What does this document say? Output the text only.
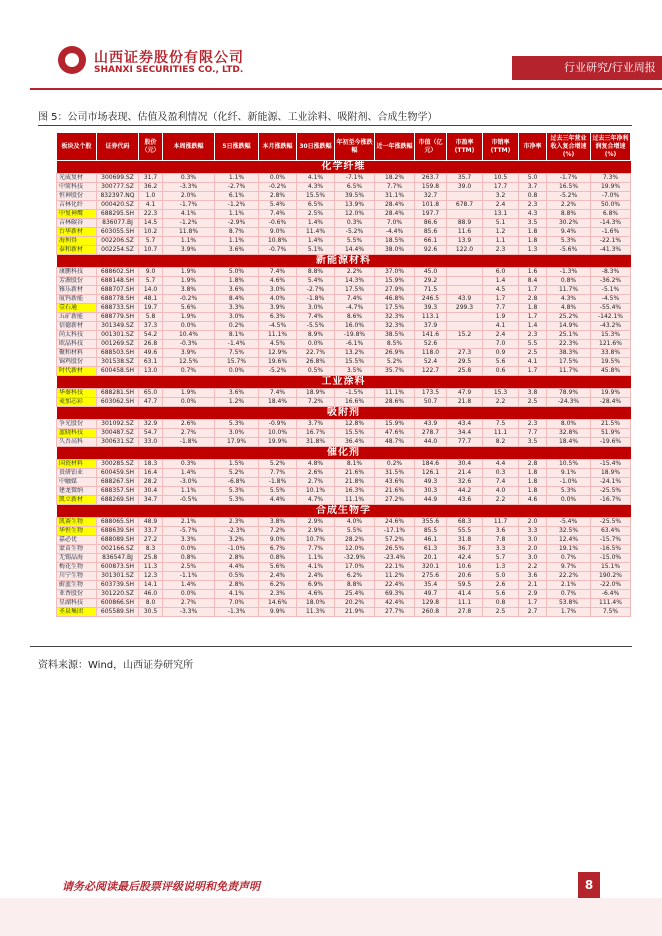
山西证券股份有限公司
SHANXI SECURITIES CO., LTD.	行业研究/行业周报
图 5：公司市场表现、估值及盈利情况（化纤、新能源、工业涂料、吸附剂、合成生物学）
板块及个股	证券代码	股价（元）	本周涨跌幅	5日涨跌幅	本月涨跌幅	30日涨跌幅	年初至今涨跌幅	近一年涨跌幅	市值（亿元）	市盈率(TTM)	市销率(TTM)	市净率	过去三年营业收入复合增速(%)	过去三年净利润复合增速(%)
化学纤维														
光威复材	300699.SZ	31.7	0.3%	1.1%	0.0%	4.1%	-7.1%	18.2%	263.7	35.7	10.5	5.0	-1.7%	7.3%
中简科技	300777.SZ	36.2	-3.3%	-2.7%	-0.2%	4.3%	6.5%	7.7%	159.8	39.0	17.7	3.7	16.5%	19.9%
恒神股份	832397.NQ	1.0	2.0%	6.1%	2.8%	15.5%	39.5%	31.1%	32.7		3.2	0.8	-5.2%	-7.0%
吉林化纤	000420.SZ	4.1	-1.7%	-1.2%	5.4%	6.5%	13.9%	28.4%	101.8	678.7	2.4	2.3	2.2%	50.0%
中复神鹰	688295.SH	22.3	4.1%	1.1%	7.4%	2.5%	12.0%	28.4%	197.7		13.1	4.3	8.8%	6.8%
吉林碳谷	836077.BJ	14.5	-1.2%	-2.9%	-0.6%	1.4%	0.3%	7.0%	86.6	88.9	5.1	3.5	30.2%	-14.3%
台华新材	603055.SH	10.2	11.8%	8.7%	9.0%	11.4%	-5.2%	-4.4%	85.6	11.6	1.2	1.8	9.4%	-1.6%
海利得	002206.SZ	5.7	1.1%	1.1%	10.8%	1.4%	5.5%	18.5%	66.1	13.9	1.1	1.8	5.3%	-22.1%
泰和新材	002254.SZ	10.7	3.9%	3.6%	-0.7%	5.1%	14.4%	38.0%	92.6	122.0	2.3	1.3	-5.6%	-41.3%
新能源材料														
康鹏科技	688602.SH	9.0	1.9%	5.0%	7.4%	8.8%	2.2%	37.0%	45.0		6.0	1.6	-1.3%	-8.3%
芳源股份	688148.SH	5.7	1.9%	1.8%	4.6%	5.4%	14.3%	15.9%	29.2		1.4	8.4	0.8%	-36.2%
雅乐新材	688707.SH	14.0	3.8%	3.6%	3.0%	-2.7%	17.5%	27.9%	71.5		4.5	1.7	11.7%	-5.1%
厦钨新能	688778.SH	48.1	-0.2%	8.4%	4.0%	-1.8%	7.4%	46.8%	246.5	43.9	1.7	2.8	4.3%	-4.5%
壹石通	688733.SH	19.7	5.6%	3.3%	3.9%	3.0%	-4.7%	17.5%	39.3	299.3	7.7	1.8	4.8%	-55.4%
五矿新能	688779.SH	5.8	1.9%	3.0%	6.3%	7.4%	8.6%	32.3%	113.1		1.9	1.7	25.2%	-142.1%
信德新材	301349.SZ	37.3	0.0%	0.2%	-4.5%	-5.5%	16.0%	32.3%	37.9		4.1	1.4	14.9%	-43.2%
尚太科技	001301.SZ	54.2	10.4%	8.1%	11.1%	8.9%	-19.8%	38.5%	141.6	15.2	2.4	2.3	25.1%	15.3%
欧晶科技	001269.SZ	26.8	-0.3%	-1.4%	4.5%	0.0%	-6.1%	8.5%	52.6		7.0	5.5	22.3%	121.6%
聚和材料	688503.SH	49.6	3.9%	7.5%	12.9%	22.7%	13.2%	26.9%	118.0	27.3	0.9	2.5	38.3%	33.8%
锦鸡股份	301538.SZ	63.1	12.5%	15.7%	19.6%	26.8%	15.5%	5.2%	52.4	29.5	5.6	4.1	17.5%	19.5%
时代新材	600458.SH	13.0	0.7%	0.0%	-5.2%	0.5%	3.5%	35.7%	122.7	25.8	0.6	1.7	11.7%	45.8%
工业涂料														
华秦科技	688281.SH	65.0	1.9%	3.6%	7.4%	18.9%	-1.5%	11.1%	173.5	47.9	15.3	3.8	78.9%	19.9%
麦加芯彩	603062.SH	47.7	0.0%	1.2%	18.4%	7.2%	16.6%	28.6%	50.7	21.8	2.2	2.5	-24.3%	-28.4%
吸附剂														
争光股份	301092.SZ	32.9	2.6%	5.3%	-0.9%	3.7%	12.8%	15.9%	43.9	43.4	7.5	2.3	8.0%	21.5%
蓝晓科技	300487.SZ	54.7	2.7%	3.0%	10.0%	16.7%	15.5%	47.6%	278.7	34.4	11.1	7.7	32.8%	51.9%
久吾高科	300631.SZ	33.0	-1.8%	17.9%	19.9%	31.8%	36.4%	48.7%	44.0	77.7	8.2	3.5	18.4%	-19.6%
催化剂														
国瓷材料	300285.SZ	18.3	0.3%	1.5%	5.2%	4.8%	8.1%	0.2%	184.6	30.4	4.4	2.8	10.5%	-15.4%
贵研铂业	600459.SH	16.4	1.4%	5.2%	7.7%	2.6%	21.6%	31.5%	126.1	21.4	0.3	1.8	9.1%	18.9%
中触媒	688267.SH	28.2	-3.0%	-6.8%	-1.8%	2.7%	21.8%	43.6%	49.3	32.6	7.4	1.8	-1.0%	-24.1%
建龙微纳	688357.SH	30.4	1.1%	5.3%	5.5%	10.1%	16.3%	21.6%	30.3	44.2	4.0	1.8	5.3%	-25.5%
凯立新材	688269.SH	34.7	-0.5%	5.3%	4.4%	4.7%	11.1%	27.2%	44.9	43.6	2.2	4.6	0.0%	-16.7%
合成生物学														
凯赛生物	688065.SH	48.9	2.1%	2.3%	3.8%	2.9%	4.0%	24.6%	355.6	68.3	11.7	2.0	-5.4%	-25.5%
华恒生物	688639.SH	33.7	-5.7%	-2.3%	7.2%	2.9%	5.5%	-17.1%	85.5	55.5	3.6	3.3	32.5%	63.4%
嘉必优	688089.SH	27.2	3.3%	3.2%	9.0%	10.7%	28.2%	57.2%	46.1	31.8	7.8	3.0	12.4%	-15.7%
蒙苗生物	002166.SZ	8.3	0.0%	-1.0%	6.7%	7.7%	12.0%	26.5%	61.3	36.7	3.3	2.0	19.1%	-16.5%
无锡晶海	836547.BJ	25.8	0.8%	2.8%	0.8%	1.1%	-32.9%	-23.4%	20.1	42.4	5.7	3.0	0.7%	-15.0%
梅花生物	600873.SH	11.3	2.5%	4.4%	5.6%	4.1%	17.0%	22.1%	320.1	10.6	1.3	2.2	9.7%	15.1%
川宁生物	301301.SZ	12.3	-1.1%	0.5%	2.4%	2.4%	6.2%	11.2%	275.6	20.6	5.0	3.6	22.2%	190.2%
蔚蓝生物	603739.SH	14.1	1.4%	2.8%	6.2%	6.9%	8.8%	22.4%	35.4	59.5	2.6	2.1	2.1%	-22.0%
亚香股份	301220.SZ	46.0	0.0%	4.1%	2.3%	4.6%	25.4%	69.3%	49.7	41.4	5.6	2.9	0.7%	-6.4%
星湖科技	600866.SH	8.0	2.7%	7.0%	14.6%	18.0%	20.2%	42.4%	129.8	11.1	0.8	1.7	53.8%	111.4%
圣泉集团	605589.SH	30.5	-3.3%	-1.3%	9.9%	11.3%	21.9%	27.7%	260.8	27.8	2.5	2.7	1.7%	7.5%
资料来源：Wind，山西证券研究所
请务必阅读最后股票评级说明和免责声明	8
